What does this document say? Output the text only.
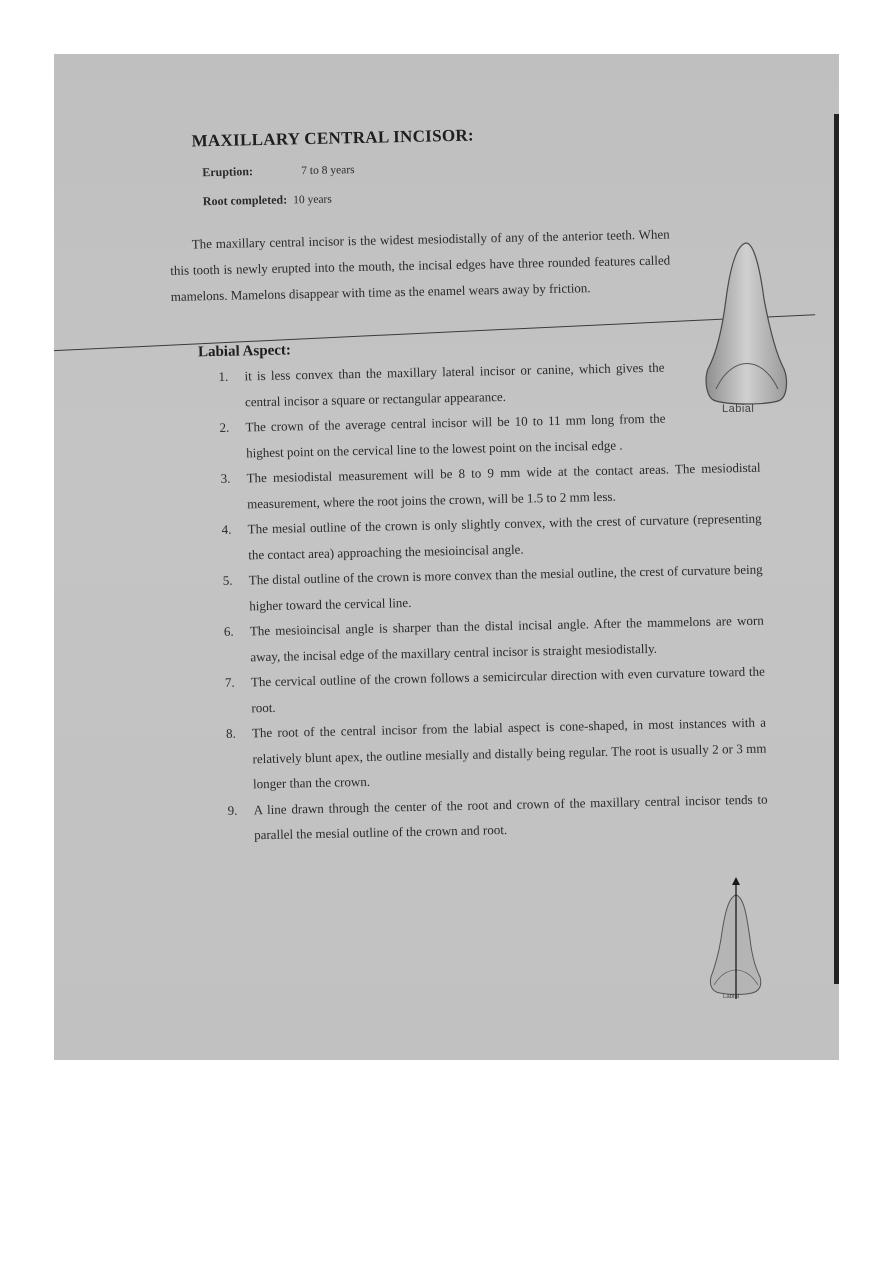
MAXILLARY CENTRAL INCISOR:
Eruption:	7 to 8 years
Root completed: 10 years

The maxillary central incisor is the widest mesiodistally of any of the anterior teeth. When this tooth is newly erupted into the mouth, the incisal edges have three rounded features called mamelons. Mamelons disappear with time as the enamel wears away by friction.

Labial Aspect:
1. it is less convex than the maxillary lateral incisor or canine, which gives the central incisor a square or rectangular appearance.
2. The crown of the average central incisor will be 10 to 11 mm long from the highest point on the cervical line to the lowest point on the incisal edge .
3. The mesiodistal measurement will be 8 to 9 mm wide at the contact areas. The mesiodistal measurement, where the root joins the crown, will be 1.5 to 2 mm less.
4. The mesial outline of the crown is only slightly convex, with the crest of curvature (representing the contact area) approaching the mesioincisal angle.
5. The distal outline of the crown is more convex than the mesial outline, the crest of curvature being higher toward the cervical line.
6. The mesioincisal angle is sharper than the distal incisal angle. After the mammelons are worn away, the incisal edge of the maxillary central incisor is straight mesiodistally.
7. The cervical outline of the crown follows a semicircular direction with even curvature toward the root.
8. The root of the central incisor from the labial aspect is cone-shaped, in most instances with a relatively blunt apex, the outline mesially and distally being regular. The root is usually 2 or 3 mm longer than the crown.
9. A line drawn through the center of the root and crown of the maxillary central incisor tends to parallel the mesial outline of the crown and root.
Labial
Labial
